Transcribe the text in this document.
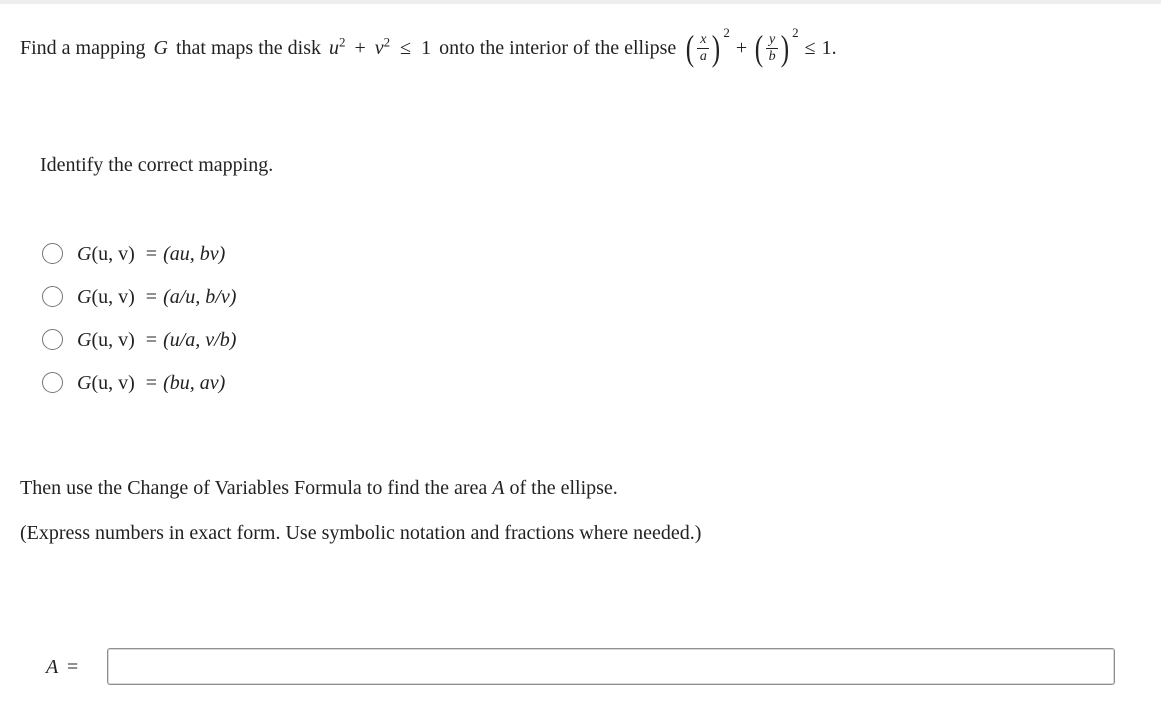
Find a mapping G that maps the disk $u^2 + v^2 \le 1$ onto the interior of the ellipse ( $\frac{x}{a}$ ) 2
+ ( $\frac{y}{b}$ ) 2
≤ 1.
Identify the correct mapping.
G(u, v) = (au, bv)
G(u, v) = (a/u, b/v)
G(u, v) = (u/a, v/b)
G(u, v) = (bu, av)
Then use the Change of Variables Formula to find the area A of the ellipse.
(Express numbers in exact form. Use symbolic notation and fractions where needed.)
A =
